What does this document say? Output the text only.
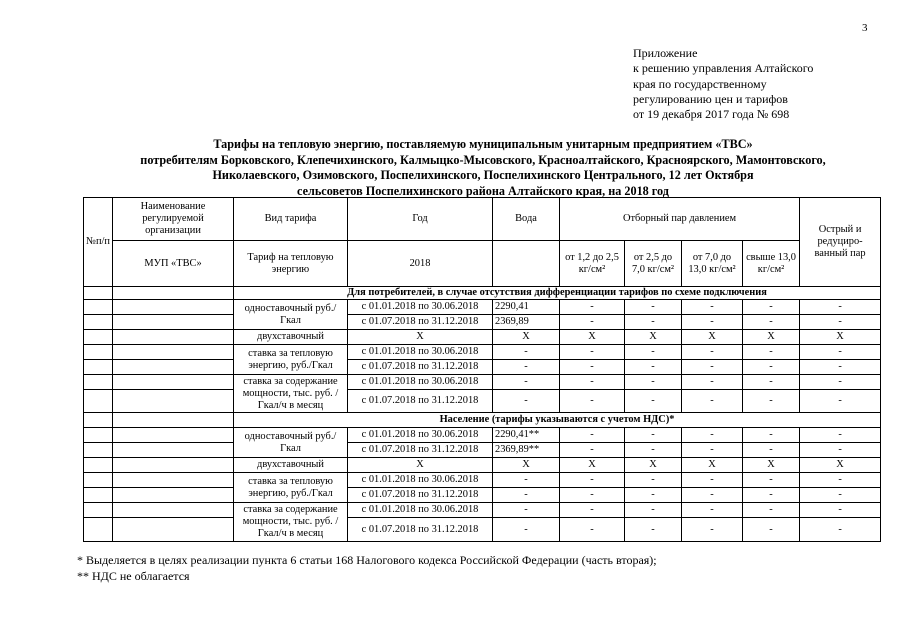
3
Приложение
к решению управления Алтайского
края по государственному
регулированию цен и тарифов
от 19 декабря 2017 года № 698
Тарифы на тепловую энергию, поставляемую муниципальным унитарным предприятием «ТВС»
потребителям Борковского, Клепечихинского, Калмыцко-Мысовского, Красноалтайского, Красноярского, Мамонтовского,
Николаевского, Озимовского, Поспелихинского, Поспелихинского Центрального, 12 лет Октября
сельсоветов Поспелихинского района Алтайского края, на 2018 год
№п/п	Наименование регулируемой организации	Вид тарифа	Год	Вода	Отборный пар давлением				Острый и редуциро-ванный пар
	МУП «ТВС»	Тариф на тепловую энергию	2018		от 1,2 до 2,5 кг/см²	от 2,5 до 7,0 кг/см²	от 7,0 до 13,0 кг/см²	свыше 13,0 кг/см²	
		Для потребителей, в случае отсутствия дифференциации тарифов по схеме подключения							
		одноставочный руб./Гкал	с 01.01.2018 по 30.06.2018	2290,41	-	-	-	-	-
			с 01.07.2018 по 31.12.2018	2369,89	-	-	-	-	-
		двухставочный	X	X	X	X	X	X	X
		ставка за тепловую энергию, руб./Гкал	с 01.01.2018 по 30.06.2018	-	-	-	-	-	-
			с 01.07.2018 по 31.12.2018	-	-	-	-	-	-
		ставка за содержание мощности, тыс. руб. /Гкал/ч в месяц	с 01.01.2018 по 30.06.2018	-	-	-	-	-	-
			с 01.07.2018 по 31.12.2018	-	-	-	-	-	-
		Население (тарифы указываются с учетом НДС)*							
		одноставочный руб./Гкал	с 01.01.2018 по 30.06.2018	2290,41**	-	-	-	-	-
			с 01.07.2018 по 31.12.2018	2369,89**	-	-	-	-	-
		двухставочный	X	X	X	X	X	X	X
		ставка за тепловую энергию, руб./Гкал	с 01.01.2018 по 30.06.2018	-	-	-	-	-	-
			с 01.07.2018 по 31.12.2018	-	-	-	-	-	-
		ставка за содержание мощности, тыс. руб. /Гкал/ч в месяц	с 01.01.2018 по 30.06.2018	-	-	-	-	-	-
			с 01.07.2018 по 31.12.2018	-	-	-	-	-	-
* Выделяется в целях реализации пункта 6 статьи 168 Налогового кодекса Российской Федерации (часть вторая);
** НДС не облагается
